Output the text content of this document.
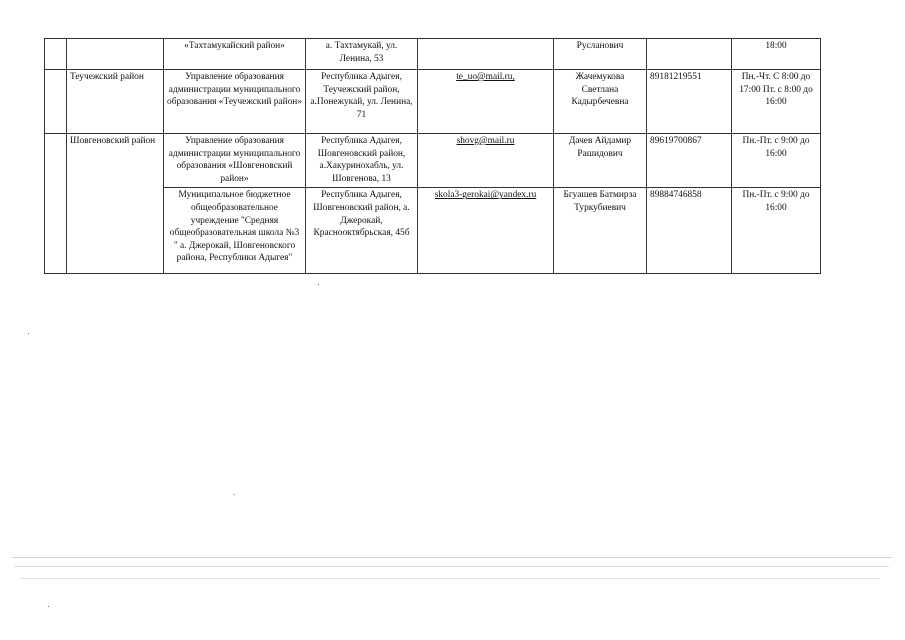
		«Тахтамукайский район»	а. Тахтамукай, ул. Ленина, 53		Русланович		18:00
	Теучежский район	Управление образования администрации муниципального образования «Теучежский район»	Республика Адыгея, Теучежский район, а.Понежукай, ул. Ленина, 71	te_uo@mail.ru,	Жачемукова Светлана Кадырбечевна	89181219551	Пн.-Чт. С 8:00 до 17:00 Пт. с 8:00 до 16:00
	Шовгеновский район	Управление образования администрации муниципального образования «Шовгеновский район»	Республика Адыгея, Шовгеновский район, а.Хакуринохабль, ул. Шовгенова, 13	shovg@mail.ru	Дачев Айдамир Рашидович	89619700867	Пн.-Пт. с 9:00 до 16:00
		Муниципальное бюджетное общеобразовательное учреждение "Средняя общеобразовательная школа №3 " а. Джерокай, Шовгеновского района, Республики Адыгея"	Республика Адыгея, Шовгеновский район, а. Джерокай, Краснооктябрьская, 45б	skola3-gerokai@yandex.ru	Бгуашев Батмирза Туркубиевич	89884746858	Пн.-Пт. с 9:00 до 16:00
